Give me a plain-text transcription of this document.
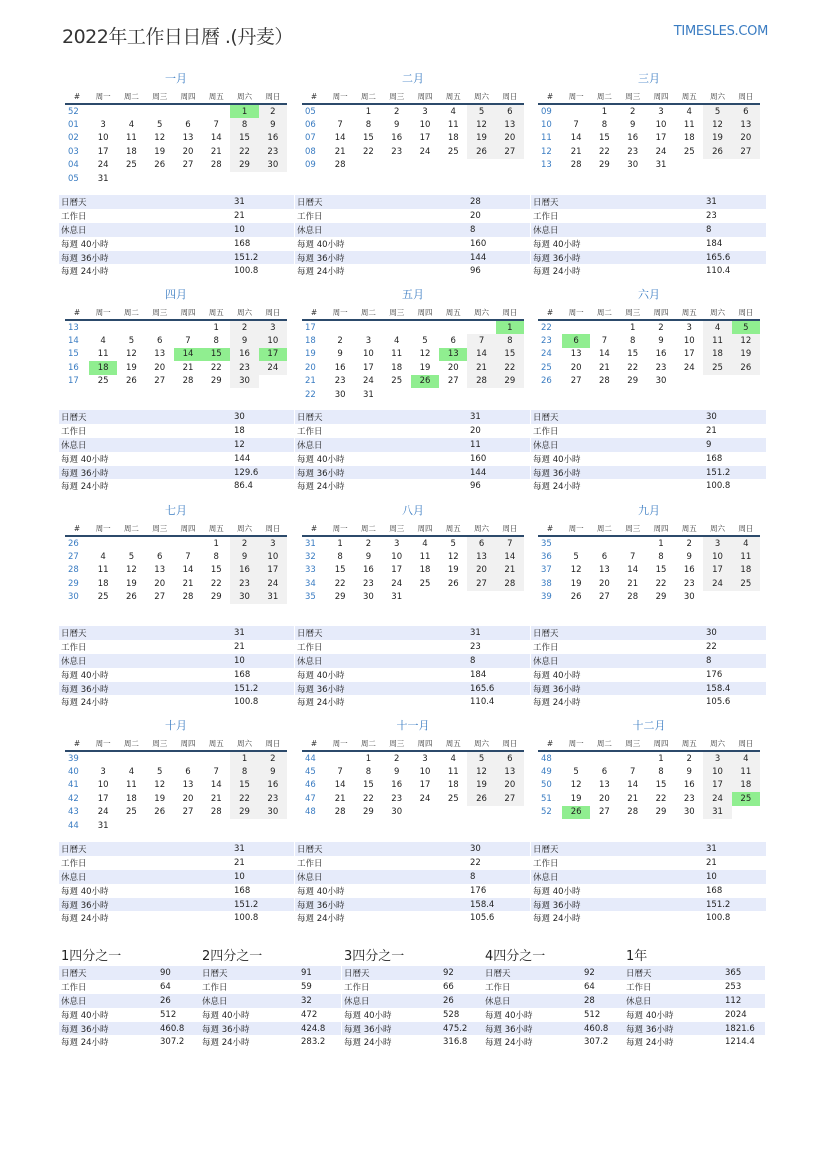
2022年工作日日曆 .(丹麦）	TIMESLES.COM
一月
#	周一	周二	周三	周四	周五	周六	周日
52						1	2
01	3	4	5	6	7	8	9
02	10	11	12	13	14	15	16
03	17	18	19	20	21	22	23
04	24	25	26	27	28	29	30
05	31						
日曆天	31
工作日	21
休息日	10
每週 40小時	168
每週 36小時	151.2
每週 24小時	100.8
二月
#	周一	周二	周三	周四	周五	周六	周日
05		1	2	3	4	5	6
06	7	8	9	10	11	12	13
07	14	15	16	17	18	19	20
08	21	22	23	24	25	26	27
09	28						
日曆天	28
工作日	20
休息日	8
每週 40小時	160
每週 36小時	144
每週 24小時	96
三月
#	周一	周二	周三	周四	周五	周六	周日
09		1	2	3	4	5	6
10	7	8	9	10	11	12	13
11	14	15	16	17	18	19	20
12	21	22	23	24	25	26	27
13	28	29	30	31			
日曆天	31
工作日	23
休息日	8
每週 40小時	184
每週 36小時	165.6
每週 24小時	110.4
四月
#	周一	周二	周三	周四	周五	周六	周日
13					1	2	3
14	4	5	6	7	8	9	10
15	11	12	13	14	15	16	17
16	18	19	20	21	22	23	24
17	25	26	27	28	29	30	
日曆天	30
工作日	18
休息日	12
每週 40小時	144
每週 36小時	129.6
每週 24小時	86.4
五月
#	周一	周二	周三	周四	周五	周六	周日
17							1
18	2	3	4	5	6	7	8
19	9	10	11	12	13	14	15
20	16	17	18	19	20	21	22
21	23	24	25	26	27	28	29
22	30	31					
日曆天	31
工作日	20
休息日	11
每週 40小時	160
每週 36小時	144
每週 24小時	96
六月
#	周一	周二	周三	周四	周五	周六	周日
22			1	2	3	4	5
23	6	7	8	9	10	11	12
24	13	14	15	16	17	18	19
25	20	21	22	23	24	25	26
26	27	28	29	30			
日曆天	30
工作日	21
休息日	9
每週 40小時	168
每週 36小時	151.2
每週 24小時	100.8
七月
#	周一	周二	周三	周四	周五	周六	周日
26					1	2	3
27	4	5	6	7	8	9	10
28	11	12	13	14	15	16	17
29	18	19	20	21	22	23	24
30	25	26	27	28	29	30	31
日曆天	31
工作日	21
休息日	10
每週 40小時	168
每週 36小時	151.2
每週 24小時	100.8
八月
#	周一	周二	周三	周四	周五	周六	周日
31	1	2	3	4	5	6	7
32	8	9	10	11	12	13	14
33	15	16	17	18	19	20	21
34	22	23	24	25	26	27	28
35	29	30	31				
日曆天	31
工作日	23
休息日	8
每週 40小時	184
每週 36小時	165.6
每週 24小時	110.4
九月
#	周一	周二	周三	周四	周五	周六	周日
35				1	2	3	4
36	5	6	7	8	9	10	11
37	12	13	14	15	16	17	18
38	19	20	21	22	23	24	25
39	26	27	28	29	30		
日曆天	30
工作日	22
休息日	8
每週 40小時	176
每週 36小時	158.4
每週 24小時	105.6
十月
#	周一	周二	周三	周四	周五	周六	周日
39						1	2
40	3	4	5	6	7	8	9
41	10	11	12	13	14	15	16
42	17	18	19	20	21	22	23
43	24	25	26	27	28	29	30
44	31						
日曆天	31
工作日	21
休息日	10
每週 40小時	168
每週 36小時	151.2
每週 24小時	100.8
十一月
#	周一	周二	周三	周四	周五	周六	周日
44		1	2	3	4	5	6
45	7	8	9	10	11	12	13
46	14	15	16	17	18	19	20
47	21	22	23	24	25	26	27
48	28	29	30				
日曆天	30
工作日	22
休息日	8
每週 40小時	176
每週 36小時	158.4
每週 24小時	105.6
十二月
#	周一	周二	周三	周四	周五	周六	周日
48				1	2	3	4
49	5	6	7	8	9	10	11
50	12	13	14	15	16	17	18
51	19	20	21	22	23	24	25
52	26	27	28	29	30	31	
日曆天	31
工作日	21
休息日	10
每週 40小時	168
每週 36小時	151.2
每週 24小時	100.8
1四分之一
日曆天	90
工作日	64
休息日	26
每週 40小時	512
每週 36小時	460.8
每週 24小時	307.2
2四分之一
日曆天	91
工作日	59
休息日	32
每週 40小時	472
每週 36小時	424.8
每週 24小時	283.2
3四分之一
日曆天	92
工作日	66
休息日	26
每週 40小時	528
每週 36小時	475.2
每週 24小時	316.8
4四分之一
日曆天	92
工作日	64
休息日	28
每週 40小時	512
每週 36小時	460.8
每週 24小時	307.2
1年
日曆天	365
工作日	253
休息日	112
每週 40小時	2024
每週 36小時	1821.6
每週 24小時	1214.4
